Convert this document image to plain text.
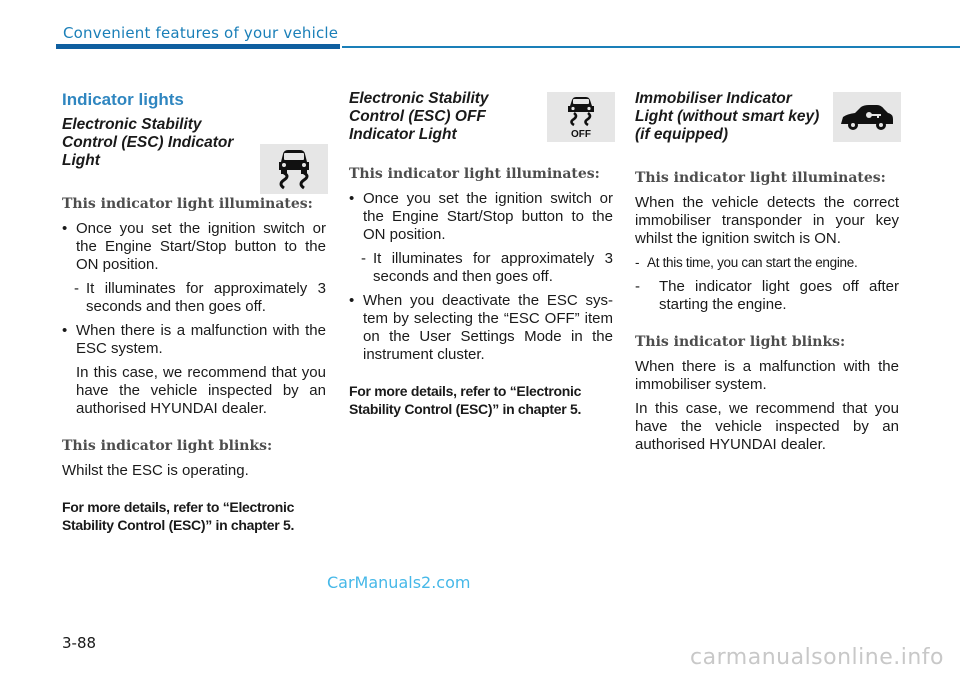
Convenient features of your vehicle
Indicator lights
Electronic Stability Control (ESC) Indicator Light
This indicator light illuminates:
• Once you set the ignition switch or the Engine Start/Stop button to the ON position.
- It illuminates for approximately 3 seconds and then goes off.
• When there is a malfunction with the ESC system.
In this case, we recommend that you have the vehicle inspected by an authorised HYUNDAI dealer.
This indicator light blinks:
Whilst the ESC is operating.
For more details, refer to “Electronic Stability Control (ESC)” in chapter 5.
Electronic Stability Control (ESC) OFF Indicator Light	OFF
This indicator light illuminates:
• Once you set the ignition switch or the Engine Start/Stop button to the ON position.
- It illuminates for approximately 3 seconds and then goes off.
• When you deactivate the ESC sys- tem by selecting the “ESC OFF” item on the User Settings Mode in the instrument cluster.
For more details, refer to “Electronic Stability Control (ESC)” in chapter 5.
Immobiliser Indicator Light (without smart key) (if equipped)
This indicator light illuminates:
When the vehicle detects the correct immobiliser transponder in your key whilst the ignition switch is ON.
- At this time, you can start the engine.
- The indicator light goes off after starting the engine.
This indicator light blinks:
When there is a malfunction with the immobiliser system.
In this case, we recommend that you have the vehicle inspected by an authorised HYUNDAI dealer.
CarManuals2.com
3-88
carmanualsonline.info
